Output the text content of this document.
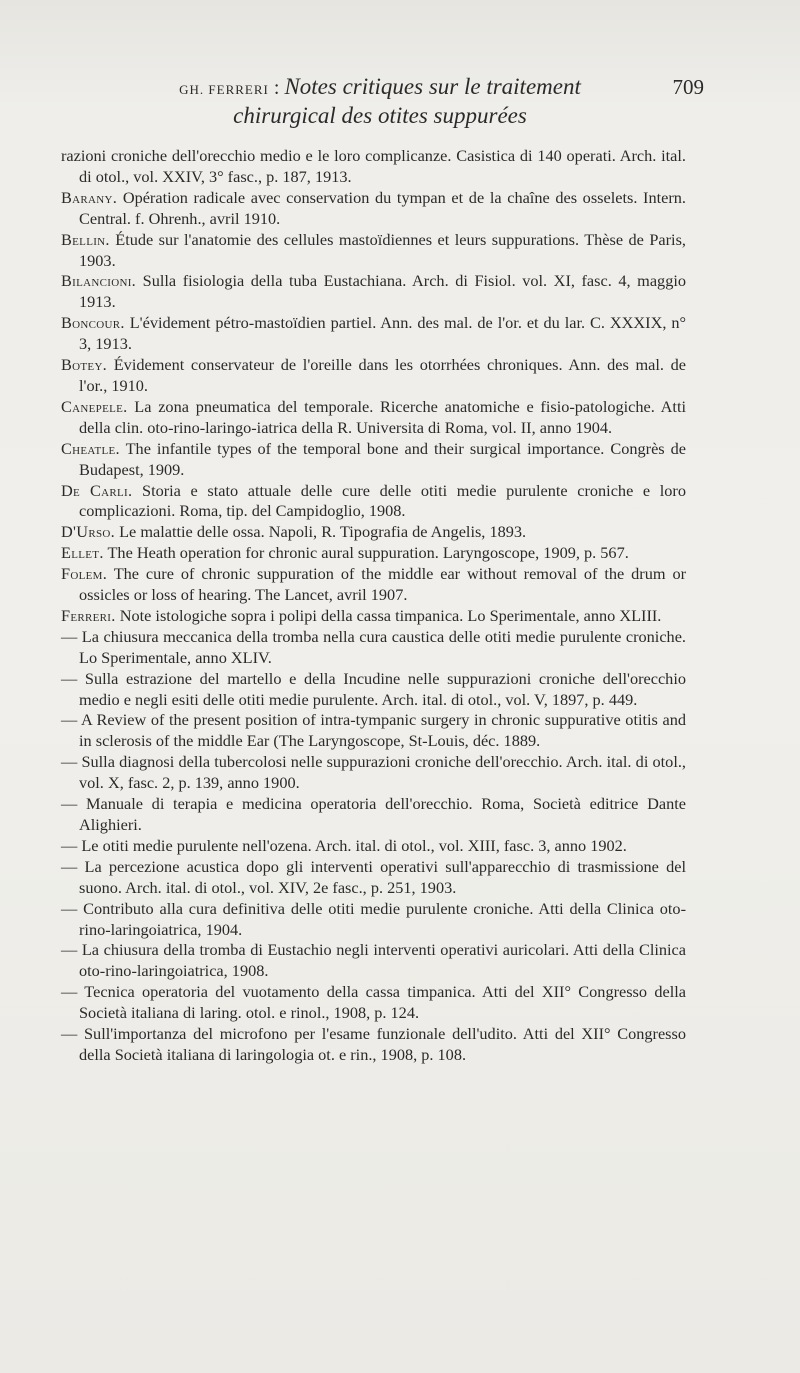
GH. FERRERI : Notes critiques sur le traitement	709
chirurgical des otites suppurées
razioni croniche dell'orecchio medio e le loro complicanze. Casistica di 140 operati. Arch. ital. di otol., vol. XXIV, 3° fasc., p. 187, 1913.
Barany. Opération radicale avec conservation du tympan et de la chaîne des osselets. Intern. Central. f. Ohrenh., avril 1910.
Bellin. Étude sur l'anatomie des cellules mastoïdiennes et leurs suppurations. Thèse de Paris, 1903.
Bilancioni. Sulla fisiologia della tuba Eustachiana. Arch. di Fisiol. vol. XI, fasc. 4, maggio 1913.
Boncour. L'évidement pétro-mastoïdien partiel. Ann. des mal. de l'or. et du lar. C. XXXIX, n° 3, 1913.
Botey. Évidement conservateur de l'oreille dans les otorrhées chroniques. Ann. des mal. de l'or., 1910.
Canepele. La zona pneumatica del temporale. Ricerche anatomiche e fisio-patologiche. Atti della clin. oto-rino-laringo-iatrica della R. Universita di Roma, vol. II, anno 1904.
Cheatle. The infantile types of the temporal bone and their surgical importance. Congrès de Budapest, 1909.
De Carli. Storia e stato attuale delle cure delle otiti medie purulente croniche e loro complicazioni. Roma, tip. del Campidoglio, 1908.
D'Urso. Le malattie delle ossa. Napoli, R. Tipografia de Angelis, 1893.
Ellet. The Heath operation for chronic aural suppuration. Laryngoscope, 1909, p. 567.
Folem. The cure of chronic suppuration of the middle ear without removal of the drum or ossicles or loss of hearing. The Lancet, avril 1907.
Ferreri. Note istologiche sopra i polipi della cassa timpanica. Lo Sperimentale, anno XLIII.
— La chiusura meccanica della tromba nella cura caustica delle otiti medie purulente croniche. Lo Sperimentale, anno XLIV.
— Sulla estrazione del martello e della Incudine nelle suppurazioni croniche dell'orecchio medio e negli esiti delle otiti medie purulente. Arch. ital. di otol., vol. V, 1897, p. 449.
— A Review of the present position of intra-tympanic surgery in chronic suppurative otitis and in sclerosis of the middle Ear (The Laryngoscope, St-Louis, déc. 1889.
— Sulla diagnosi della tubercolosi nelle suppurazioni croniche dell'orecchio. Arch. ital. di otol., vol. X, fasc. 2, p. 139, anno 1900.
— Manuale di terapia e medicina operatoria dell'orecchio. Roma, Società editrice Dante Alighieri.
— Le otiti medie purulente nell'ozena. Arch. ital. di otol., vol. XIII, fasc. 3, anno 1902.
— La percezione acustica dopo gli interventi operativi sull'apparecchio di trasmissione del suono. Arch. ital. di otol., vol. XIV, 2e fasc., p. 251, 1903.
— Contributo alla cura definitiva delle otiti medie purulente croniche. Atti della Clinica oto-rino-laringoiatrica, 1904.
— La chiusura della tromba di Eustachio negli interventi operativi auricolari. Atti della Clinica oto-rino-laringoiatrica, 1908.
— Tecnica operatoria del vuotamento della cassa timpanica. Atti del XII° Congresso della Società italiana di laring. otol. e rinol., 1908, p. 124.
— Sull'importanza del microfono per l'esame funzionale dell'udito. Atti del XII° Congresso della Società italiana di laringologia ot. e rin., 1908, p. 108.
